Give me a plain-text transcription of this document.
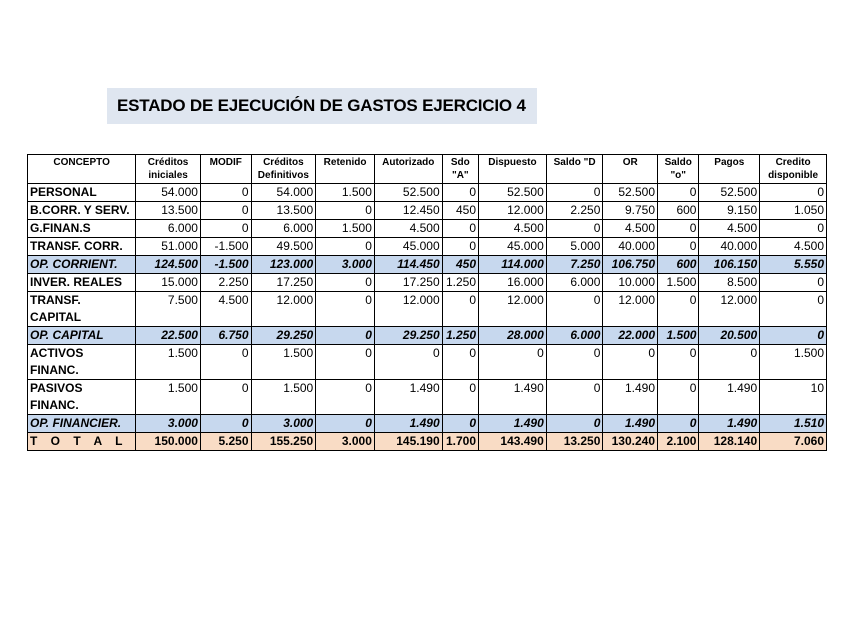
ESTADO DE EJECUCIÓN DE GASTOS EJERCICIO 4
CONCEPTO	Créditos iniciales	MODIF	Créditos Definitivos	Retenido	Autorizado	Sdo "A"	Dispuesto	Saldo "D	OR	Saldo "o"	Pagos	Credito disponible
PERSONAL	54.000	0	54.000	1.500	52.500	0	52.500	0	52.500	0	52.500	0
B.CORR. Y SERV.	13.500	0	13.500	0	12.450	450	12.000	2.250	9.750	600	9.150	1.050
G.FINAN.S	6.000	0	6.000	1.500	4.500	0	4.500	0	4.500	0	4.500	0
TRANSF. CORR.	51.000	-1.500	49.500	0	45.000	0	45.000	5.000	40.000	0	40.000	4.500
OP. CORRIENT.	124.500	-1.500	123.000	3.000	114.450	450	114.000	7.250	106.750	600	106.150	5.550
INVER. REALES	15.000	2.250	17.250	0	17.250	1.250	16.000	6.000	10.000	1.500	8.500	0
TRANSF. CAPITAL	7.500	4.500	12.000	0	12.000	0	12.000	0	12.000	0	12.000	0
OP. CAPITAL	22.500	6.750	29.250	0	29.250	1.250	28.000	6.000	22.000	1.500	20.500	0
ACTIVOS FINANC.	1.500	0	1.500	0	0	0	0	0	0	0	0	1.500
PASIVOS FINANC.	1.500	0	1.500	0	1.490	0	1.490	0	1.490	0	1.490	10
OP. FINANCIER.	3.000	0	3.000	0	1.490	0	1.490	0	1.490	0	1.490	1.510
T O T A L	150.000	5.250	155.250	3.000	145.190	1.700	143.490	13.250	130.240	2.100	128.140	7.060
